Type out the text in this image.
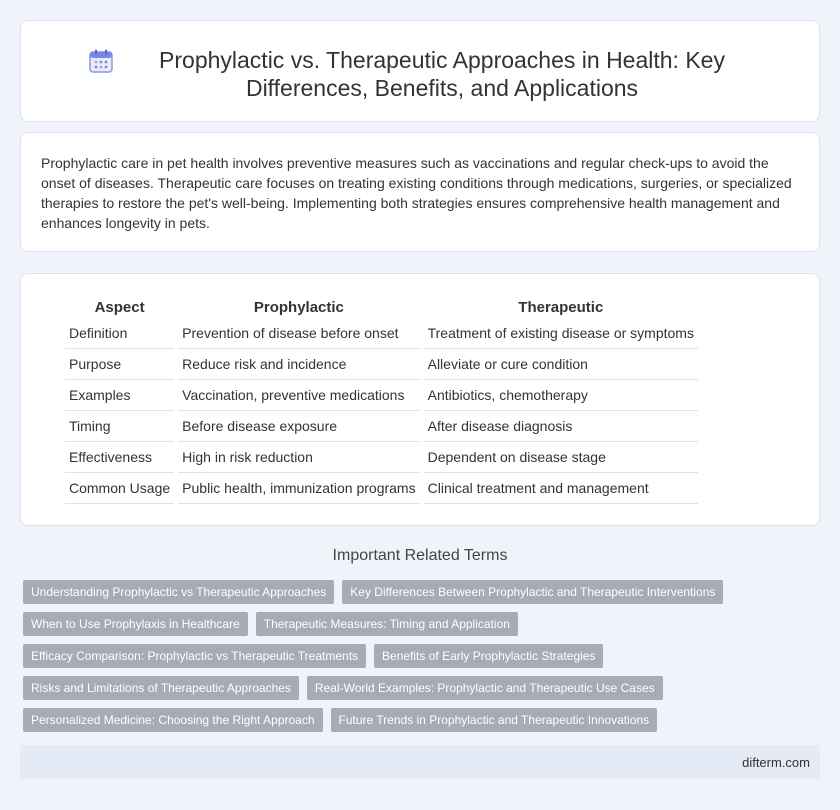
Prophylactic vs. Therapeutic Approaches in Health: Key Differences, Benefits, and Applications

Prophylactic care in pet health involves preventive measures such as vaccinations and regular check-ups to avoid the onset of diseases. Therapeutic care focuses on treating existing conditions through medications, surgeries, or specialized therapies to restore the pet's well-being. Implementing both strategies ensures comprehensive health management and enhances longevity in pets.

Aspect	Prophylactic	Therapeutic
Definition	Prevention of disease before onset	Treatment of existing disease or symptoms
Purpose	Reduce risk and incidence	Alleviate or cure condition
Examples	Vaccination, preventive medications	Antibiotics, chemotherapy
Timing	Before disease exposure	After disease diagnosis
Effectiveness	High in risk reduction	Dependent on disease stage
Common Usage	Public health, immunization programs	Clinical treatment and management
Important Related Terms
Understanding Prophylactic vs Therapeutic Approaches	Key Differences Between Prophylactic and Therapeutic Interventions
When to Use Prophylaxis in Healthcare	Therapeutic Measures: Timing and Application
Efficacy Comparison: Prophylactic vs Therapeutic Treatments	Benefits of Early Prophylactic Strategies
Risks and Limitations of Therapeutic Approaches	Real-World Examples: Prophylactic and Therapeutic Use Cases
Personalized Medicine: Choosing the Right Approach	Future Trends in Prophylactic and Therapeutic Innovations
difterm.com
